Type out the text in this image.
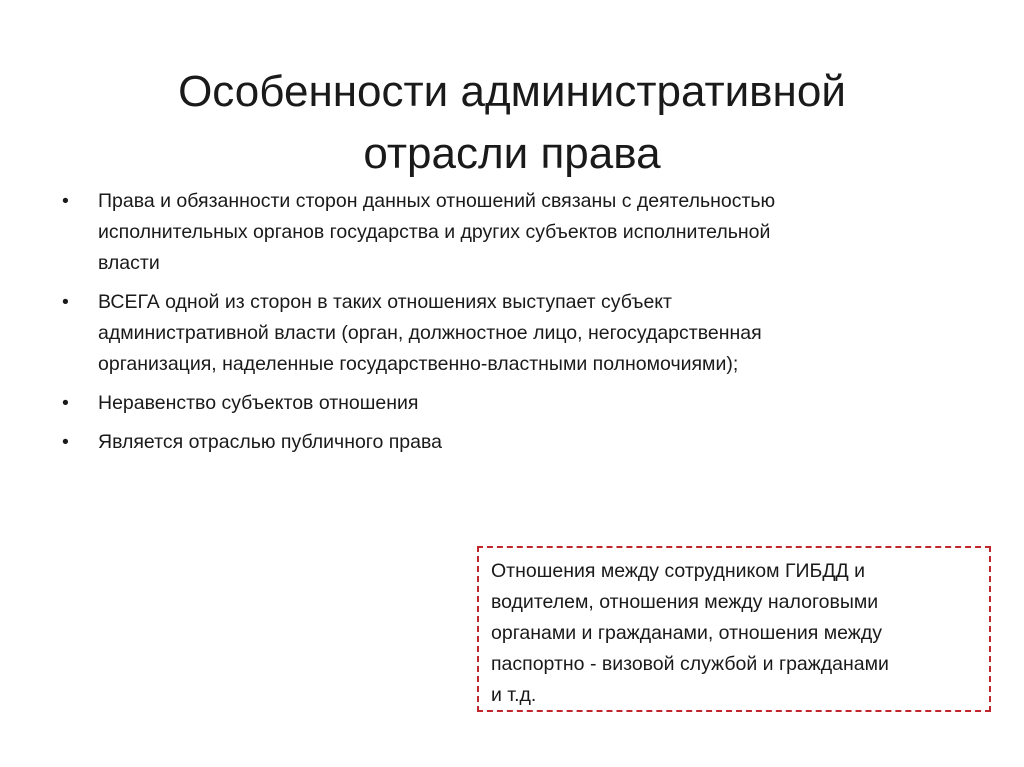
Особенности административной
отрасли права
• Права и обязанности сторон данных отношений связаны с деятельностью
исполнительных органов государства и других субъектов исполнительной
власти
• ВСЕГА одной из сторон в таких отношениях выступает субъект
административной власти (орган, должностное лицо, негосударственная
организация, наделенные государственно-властными полномочиями);
• Неравенство субъектов отношения
• Является отраслью публичного права
Отношения между сотрудником ГИБДД и
водителем, отношения между налоговыми
органами и гражданами, отношения между
паспортно - визовой службой и гражданами
и т.д.
